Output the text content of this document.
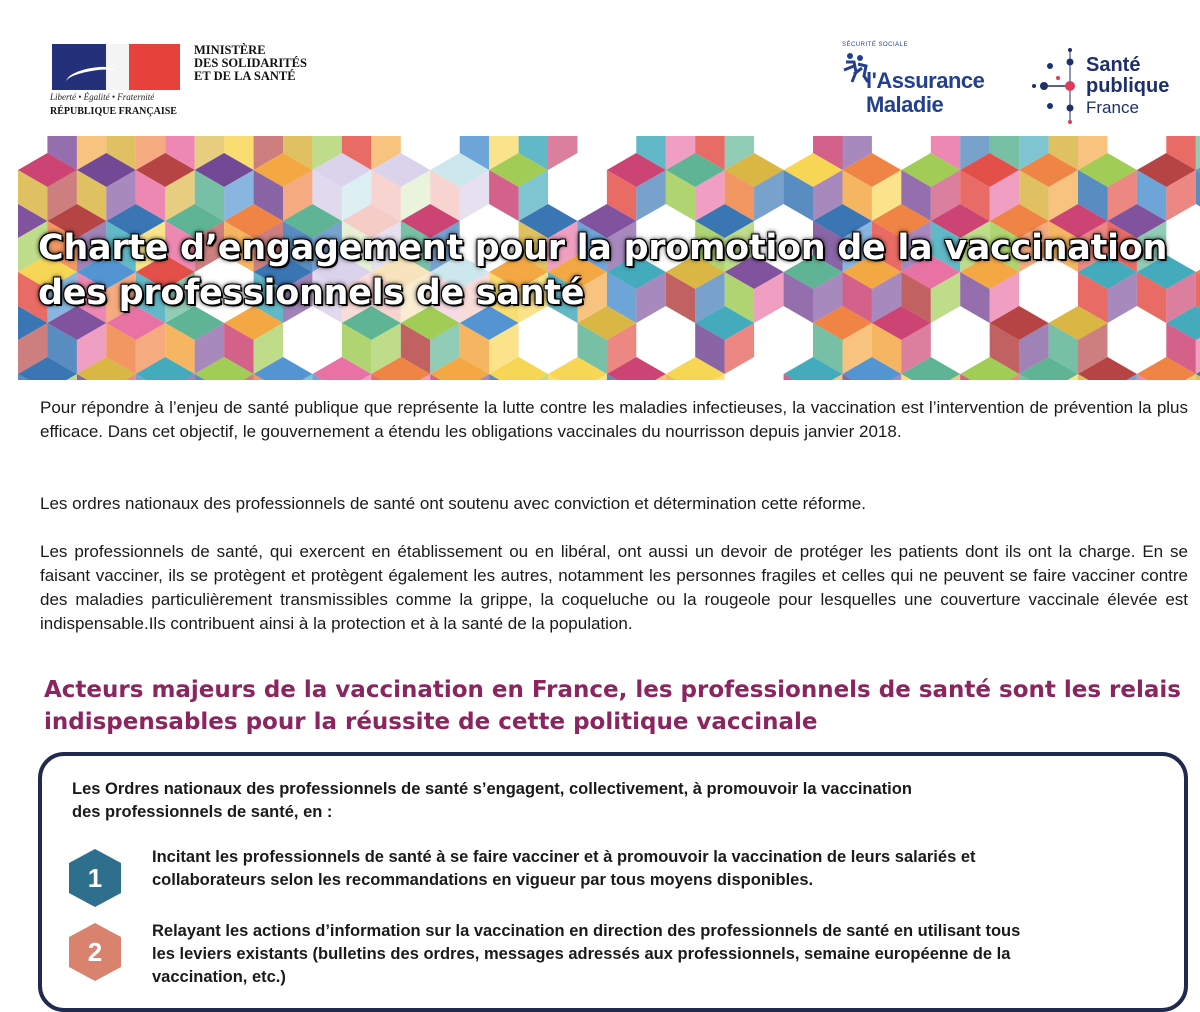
Liberté • Égalité • Fraternité
RÉPUBLIQUE FRANÇAISE
MINISTÈRE
DES SOLIDARITÉS
ET DE LA SANTÉ
SÉCURITÉ SOCIALE
l'Assurance
Maladie
Santé
publique
France
Charte d’engagement pour la promotion de la vaccination
des professionnels de santé

Pour répondre à l’enjeu de santé publique que représente la lutte contre les maladies infectieuses, la vaccination est l’intervention de prévention la plus efficace. Dans cet objectif, le gouvernement a étendu les obligations vaccinales du nourrisson depuis janvier 2018.

Les ordres nationaux des professionnels de santé ont soutenu avec conviction et détermination cette réforme.

Les professionnels de santé, qui exercent en établissement ou en libéral, ont aussi un devoir de protéger les patients dont ils ont la charge. En se faisant vacciner, ils se protègent et protègent également les autres, notamment les personnes fragiles et celles qui ne peuvent se faire vacciner contre des maladies particulièrement transmissibles comme la grippe, la coqueluche ou la rougeole pour lesquelles une couverture vaccinale élevée est indispensable.Ils contribuent ainsi à la protection et à la santé de la population.

Acteurs majeurs de la vaccination en France, les professionnels de santé sont les relais
indispensables pour la réussite de cette politique vaccinale

Les Ordres nationaux des professionnels de santé s’engagent, collectivement, à promouvoir la vaccination
des professionnels de santé, en :

1

Incitant les professionnels de santé à se faire vacciner et à promouvoir la vaccination de leurs salariés et
collaborateurs selon les recommandations en vigueur par tous moyens disponibles.

2

Relayant les actions d’information sur la vaccination en direction des professionnels de santé en utilisant tous
les leviers existants (bulletins des ordres, messages adressés aux professionnels, semaine européenne de la
vaccination, etc.)
